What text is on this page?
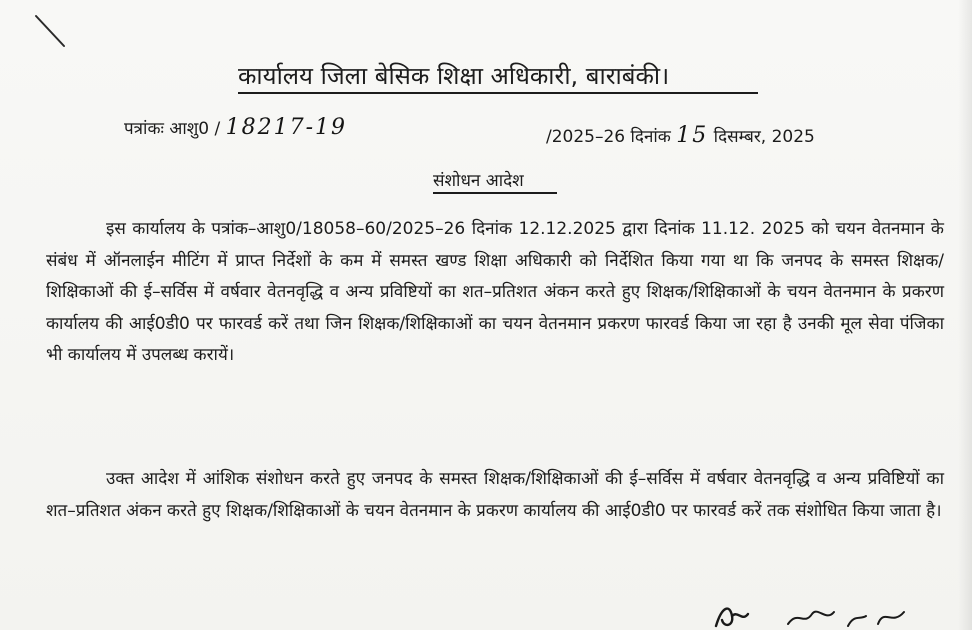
कार्यालय जिला बेसिक शिक्षा अधिकारी, बाराबंकी।
पत्रांकः आशु0 / 18217-19	/2025–26 दिनांक 15 दिसम्बर, 2025
संशोधन आदेश
इस कार्यालय के पत्रांक–आशु0/18058–60/2025–26 दिनांक 12.12.2025 द्वारा दिनांक 11.12. 2025 को चयन वेतनमान के संबंध में ऑनलाईन मीटिंग में प्राप्त निर्देशों के कम में समस्त खण्ड शिक्षा अधिकारी को निर्देशित किया गया था कि जनपद के समस्त शिक्षक/शिक्षिकाओं की ई–सर्विस में वर्षवार वेतनवृद्धि व अन्य प्रविष्टियों का शत–प्रतिशत अंकन करते हुए शिक्षक/शिक्षिकाओं के चयन वेतनमान के प्रकरण कार्यालय की आई0डी0 पर फारवर्ड करें तथा जिन शिक्षक/शिक्षिकाओं का चयन वेतनमान प्रकरण फारवर्ड किया जा रहा है उनकी मूल सेवा पंजिका भी कार्यालय में उपलब्ध करायें।
उक्त आदेश में आंशिक संशोधन करते हुए जनपद के समस्त शिक्षक/शिक्षिकाओं की ई–सर्विस में वर्षवार वेतनवृद्धि व अन्य प्रविष्टियों का शत–प्रतिशत अंकन करते हुए शिक्षक/शिक्षिकाओं के चयन वेतनमान के प्रकरण कार्यालय की आई0डी0 पर फारवर्ड करें तक संशोधित किया जाता है।
